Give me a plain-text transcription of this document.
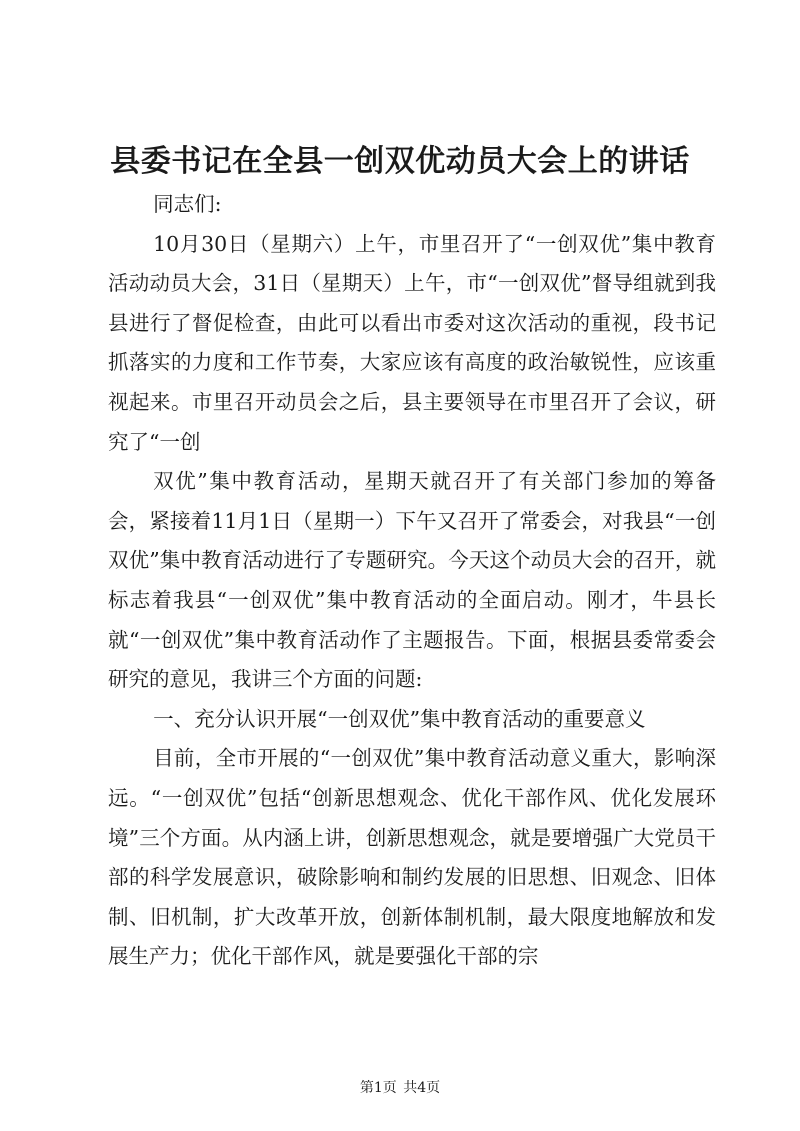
县委书记在全县一创双优动员大会上的讲话

同志们:

10月30日（星期六）上午，市里召开了“一创双优”集中教育活动动员大会，31日（星期天）上午，市“一创双优”督导组就到我县进行了督促检查，由此可以看出市委对这次活动的重视，段书记抓落实的力度和工作节奏，大家应该有高度的政治敏锐性，应该重视起来。市里召开动员会之后，县主要领导在市里召开了会议，研究了“一创

双优”集中教育活动，星期天就召开了有关部门参加的筹备会，紧接着11月1日（星期一）下午又召开了常委会，对我县“一创双优”集中教育活动进行了专题研究。今天这个动员大会的召开，就标志着我县“一创双优”集中教育活动的全面启动。刚才，牛县长就“一创双优”集中教育活动作了主题报告。下面，根据县委常委会研究的意见，我讲三个方面的问题:

一、充分认识开展“一创双优”集中教育活动的重要意义

目前，全市开展的“一创双优”集中教育活动意义重大，影响深远。“一创双优”包括“创新思想观念、优化干部作风、优化发展环境”三个方面。从内涵上讲，创新思想观念，就是要增强广大党员干部的科学发展意识，破除影响和制约发展的旧思想、旧观念、旧体制、旧机制，扩大改革开放，创新体制机制，最大限度地解放和发展生产力；优化干部作风，就是要强化干部的宗

第1页 共4页
